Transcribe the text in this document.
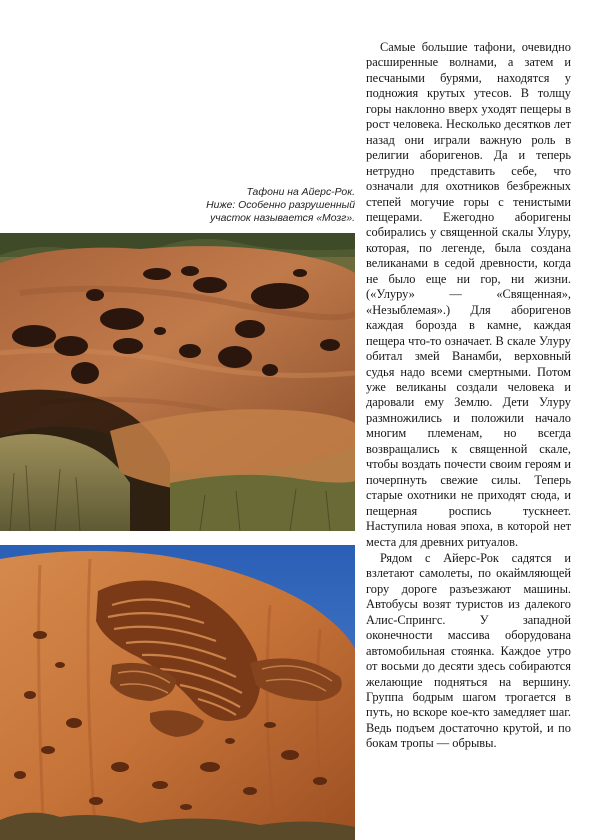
Тафони на Айерс-Рок.
Ниже: Особенно разрушенный
участок называется «Мозг».

Самые большие тафони, очевидно расширенные волнами, а затем и песчаными бурями, находятся у подножия крутых утесов. В толщу горы наклонно вверх уходят пещеры в рост человека. Несколько десятков лет назад они играли важную роль в религии аборигенов. Да и теперь нетрудно представить себе, что означали для охотников безбрежных степей могучие горы с тенистыми пещерами. Ежегодно аборигены собирались у священной скалы Улуру, которая, по легенде, была создана великанами в седой древности, когда не было еще ни гор, ни жизни. («Улуру» — «Священная», «Незыблемая».) Для аборигенов каждая борозда в камне, каждая пещера что-то означает. В скале Улуру обитал змей Ванамби, верховный судья надо всеми смертными. Потом уже великаны создали человека и даровали ему Землю. Дети Улуру размножились и положили начало многим племенам, но всегда возвращались к священной скале, чтобы воздать почести своим героям и почерпнуть свежие силы. Теперь старые охотники не приходят сюда, и пещерная роспись тускнеет. Наступила новая эпоха, в которой нет места для древних ритуалов.

Рядом с Айерс-Рок садятся и взлетают самолеты, по окаймляющей гору дороге разъезжают машины. Автобусы возят туристов из далекого Алис-Спрингс. У западной оконечности массива оборудована автомобильная стоянка. Каждое утро от восьми до десяти здесь собираются желающие подняться на вершину. Группа бодрым шагом трогается в путь, но вскоре кое-кто замедляет шаг. Ведь подъем достаточно крутой, и по бокам тропы — обрывы.
